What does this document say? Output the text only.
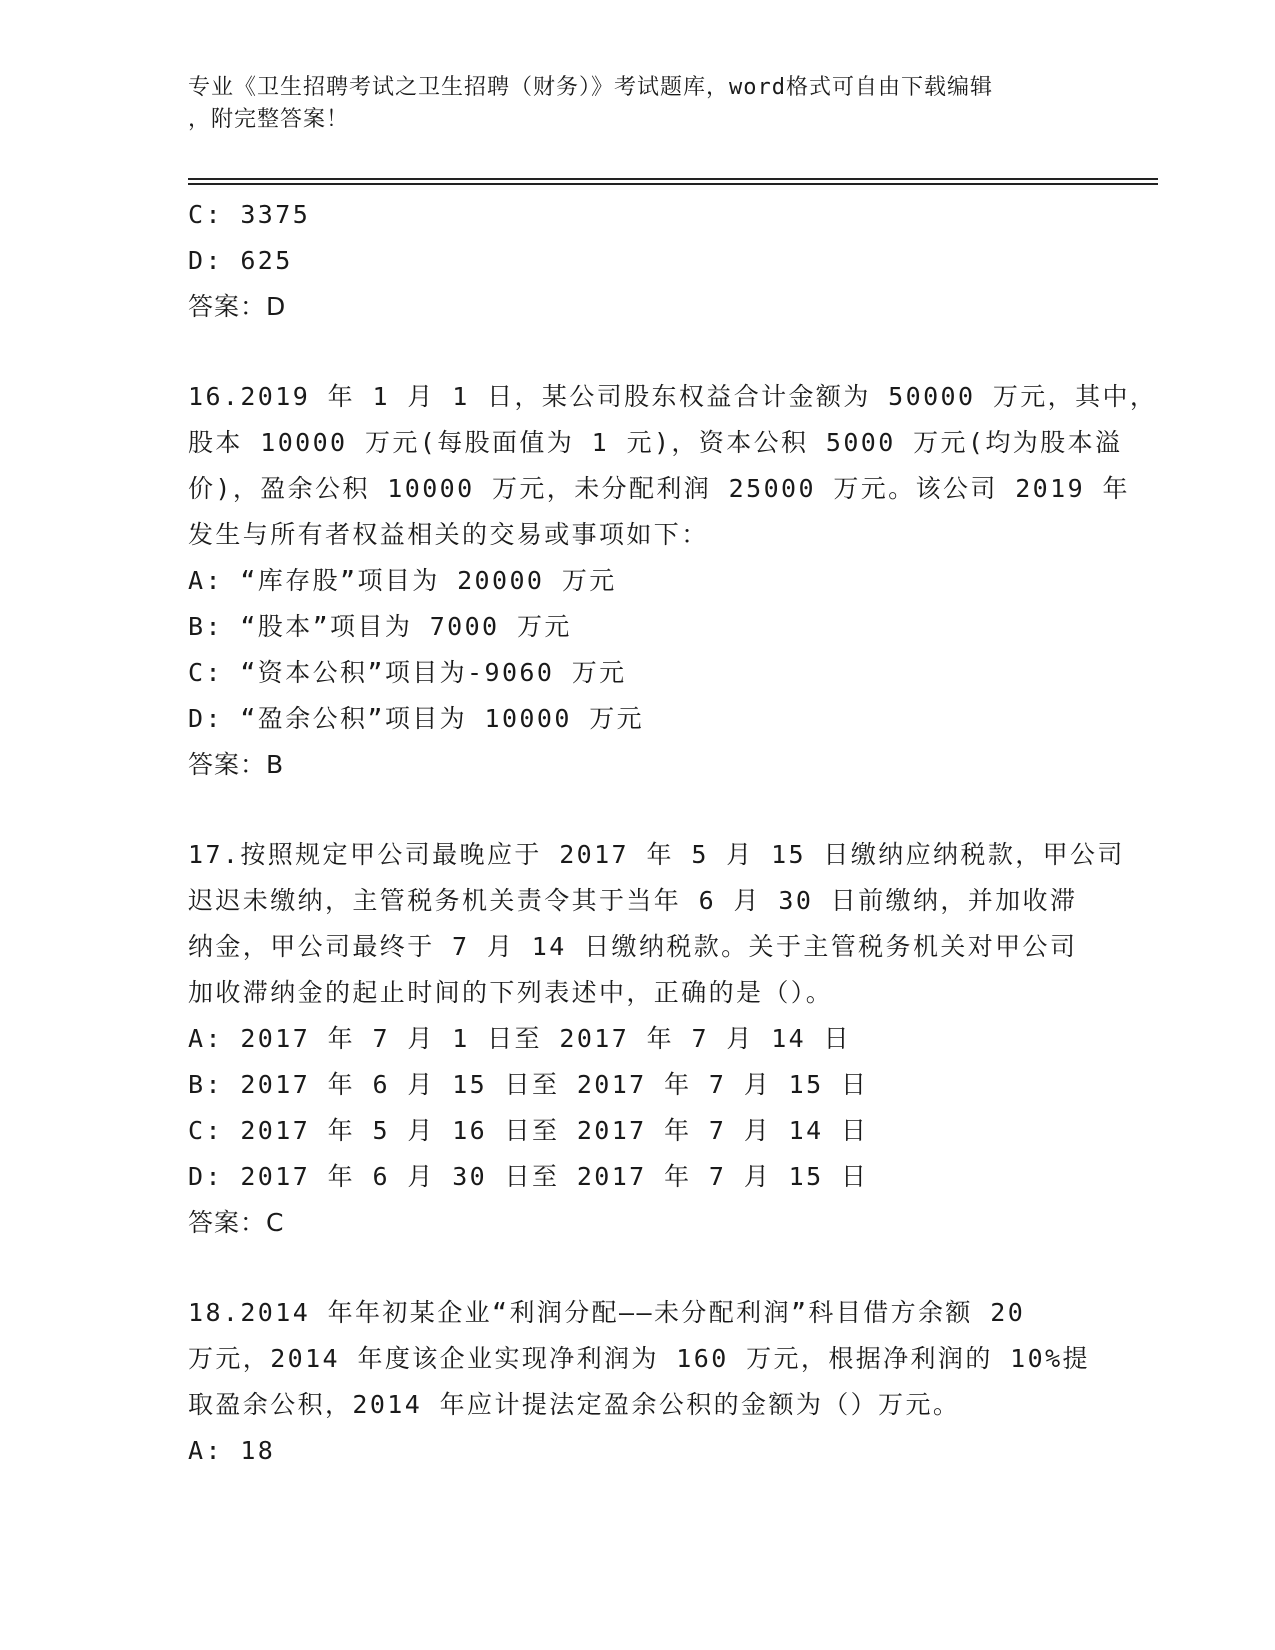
专业《卫生招聘考试之卫生招聘（财务）》考试题库，word格式可自由下载编辑
，附完整答案！
C: 3375
D: 625
答案：D
16.2019 年 1 月 1 日，某公司股东权益合计金额为 50000 万元，其中，
股本 10000 万元(每股面值为 1 元)，资本公积 5000 万元(均为股本溢
价)，盈余公积 10000 万元，未分配利润 25000 万元。该公司 2019 年
发生与所有者权益相关的交易或事项如下：
A: “库存股”项目为 20000 万元
B: “股本”项目为 7000 万元
C: “资本公积”项目为-9060 万元
D: “盈余公积”项目为 10000 万元
答案：B
17.按照规定甲公司最晚应于 2017 年 5 月 15 日缴纳应纳税款，甲公司
迟迟未缴纳，主管税务机关责令其于当年 6 月 30 日前缴纳，并加收滞
纳金，甲公司最终于 7 月 14 日缴纳税款。关于主管税务机关对甲公司
加收滞纳金的起止时间的下列表述中，正确的是（）。
A: 2017 年 7 月 1 日至 2017 年 7 月 14 日
B: 2017 年 6 月 15 日至 2017 年 7 月 15 日
C: 2017 年 5 月 16 日至 2017 年 7 月 14 日
D: 2017 年 6 月 30 日至 2017 年 7 月 15 日
答案：C
18.2014 年年初某企业“利润分配——未分配利润”科目借方余额 20
万元，2014 年度该企业实现净利润为 160 万元，根据净利润的 10%提
取盈余公积，2014 年应计提法定盈余公积的金额为（）万元。
A: 18
